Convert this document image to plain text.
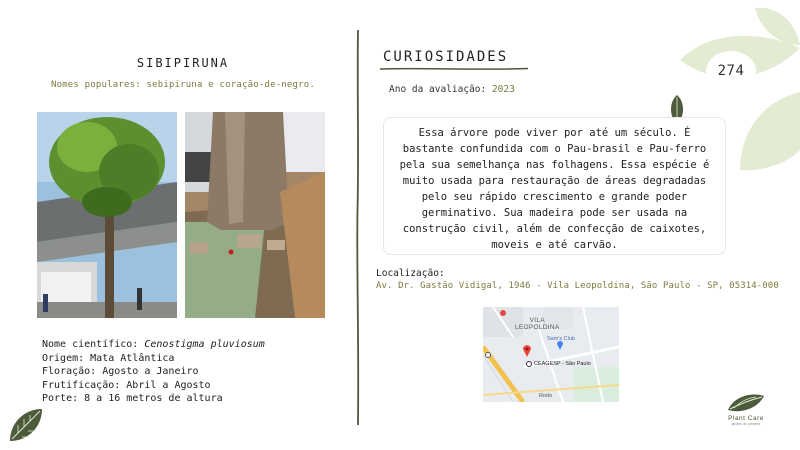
274
SIBIPIRUNA
Nomes populares: sebipiruna e coração-de-negro.
Nome científico: Cenostigma pluviosum
Origem: Mata Atlântica
Floração: Agosto a Janeiro
Frutificação: Abril a Agosto
Porte: 8 a 16 metros de altura
CURIOSIDADES
Ano da avaliação: 2023
Essa árvore pode viver por até um século. É bastante confundida com o Pau-brasil e Pau-ferro pela sua semelhança nas folhagens. Essa espécie é muito usada para restauração de áreas degradadas pelo seu rápido crescimento e grande poder germinativo. Sua madeira pode ser usada na construção civil, além de confecção de caixotes, moveis e até carvão.
Localização:
Av. Dr. Gastão Vidigal, 1946 - Vila Leopoldina, São Paulo - SP, 05314-000
VILA
LEOPOLDINA
Sam's Club
CEAGESP - São Paulo
Rodo
Plant Care
jardins de primeira
